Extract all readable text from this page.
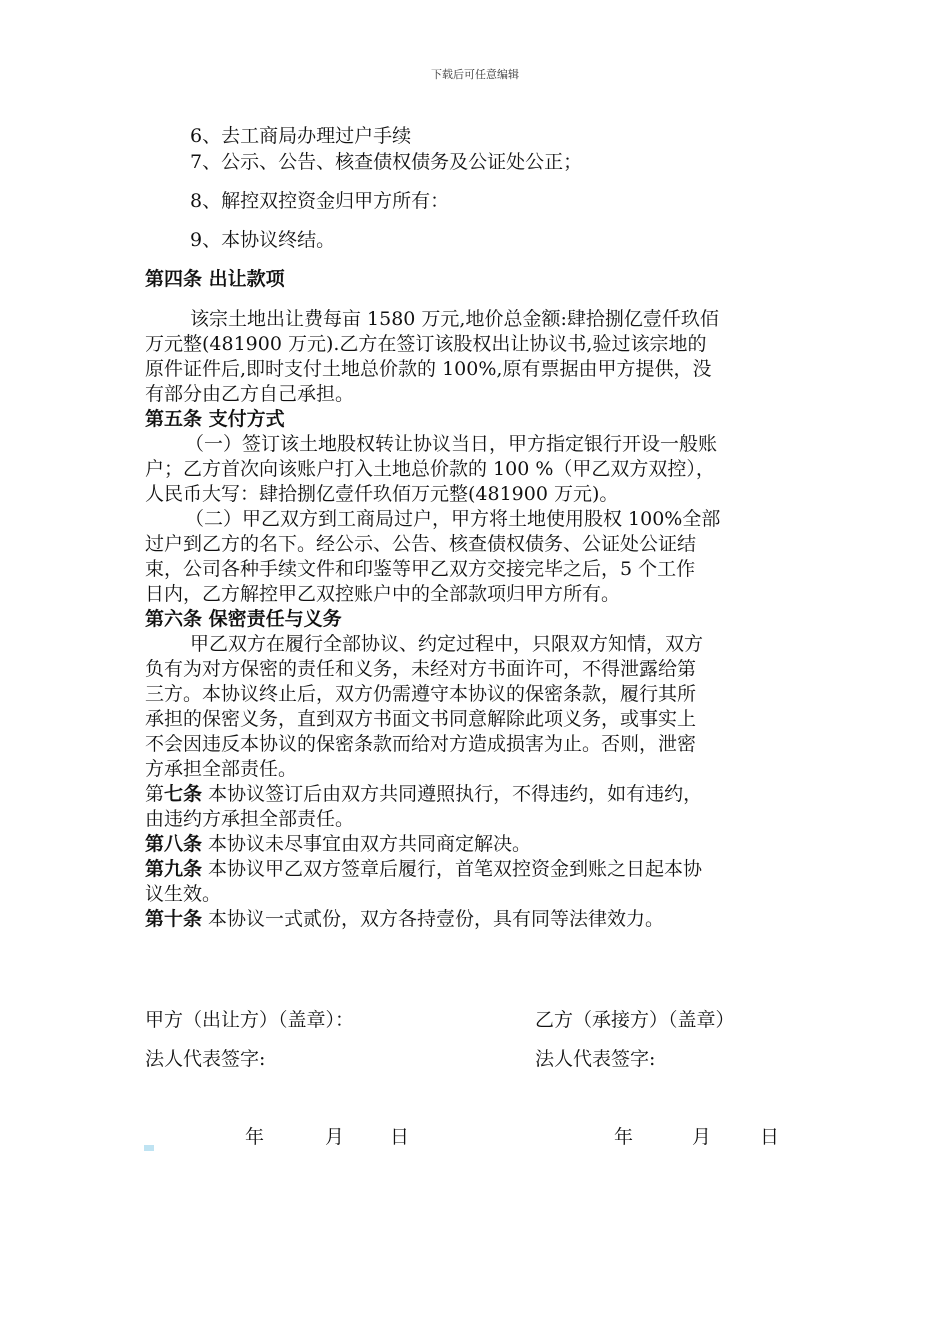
下载后可任意编辑
6、去工商局办理过户手续
7、公示、公告、核查债权债务及公证处公正；
8、解控双控资金归甲方所有：
9、本协议终结。
第四条 出让款项
该宗土地出让费每亩 1580 万元,地价总金额:肆拾捌亿壹仟玖佰
万元整(481900 万元).乙方在签订该股权出让协议书,验过该宗地的
原件证件后,即时支付土地总价款的 100%,原有票据由甲方提供，没
有部分由乙方自己承担。
第五条 支付方式
（一）签订该土地股权转让协议当日，甲方指定银行开设一般账
户；乙方首次向该账户打入土地总价款的 100 %（甲乙双方双控），
人民币大写：肆拾捌亿壹仟玖佰万元整(481900 万元)。
（二）甲乙双方到工商局过户，甲方将土地使用股权 100%全部
过户到乙方的名下。经公示、公告、核查债权债务、公证处公证结
束，公司各种手续文件和印鉴等甲乙双方交接完毕之后，5 个工作
日内，乙方解控甲乙双控账户中的全部款项归甲方所有。
第六条 保密责任与义务
甲乙双方在履行全部协议、约定过程中，只限双方知情，双方
负有为对方保密的责任和义务，未经对方书面许可，不得泄露给第
三方。本协议终止后，双方仍需遵守本协议的保密条款，履行其所
承担的保密义务，直到双方书面文书同意解除此项义务，或事实上
不会因违反本协议的保密条款而给对方造成损害为止。否则，泄密
方承担全部责任。
第七条 本协议签订后由双方共同遵照执行，不得违约，如有违约，
由违约方承担全部责任。
第八条 本协议未尽事宜由双方共同商定解决。
第九条 本协议甲乙双方签章后履行，首笔双控资金到账之日起本协
议生效。
第十条 本协议一式贰份，双方各持壹份，具有同等法律效力。
甲方（出让方）（盖章）：	乙方（承接方）（盖章）
法人代表签字:	法人代表签字:
年	月 日	年	月	日
